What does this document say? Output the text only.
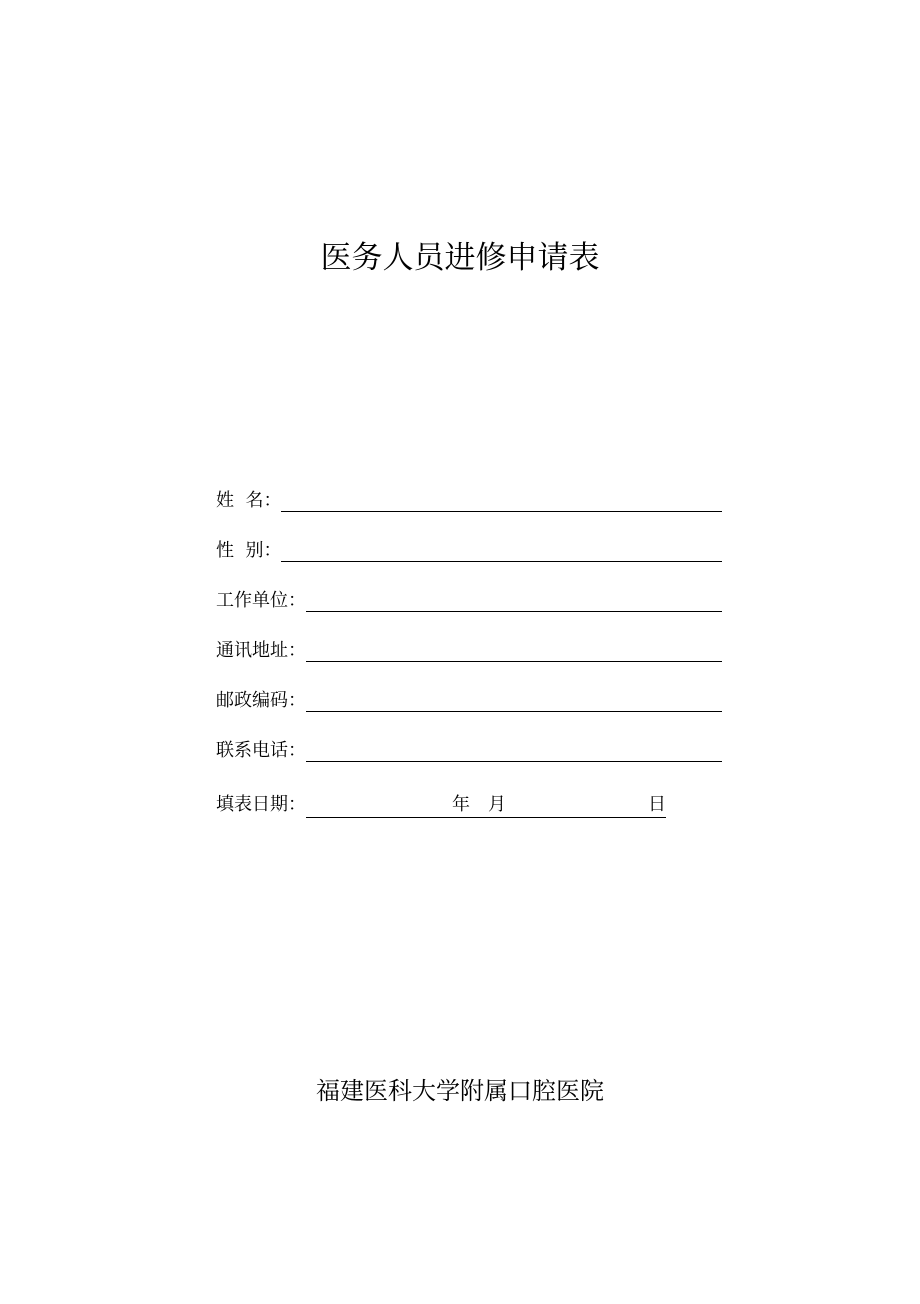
医务人员进修申请表
姓  名：
性  别：
工作单位：
通讯地址：
邮政编码：
联系电话：
填表日期：	年	月	日
福建医科大学附属口腔医院
